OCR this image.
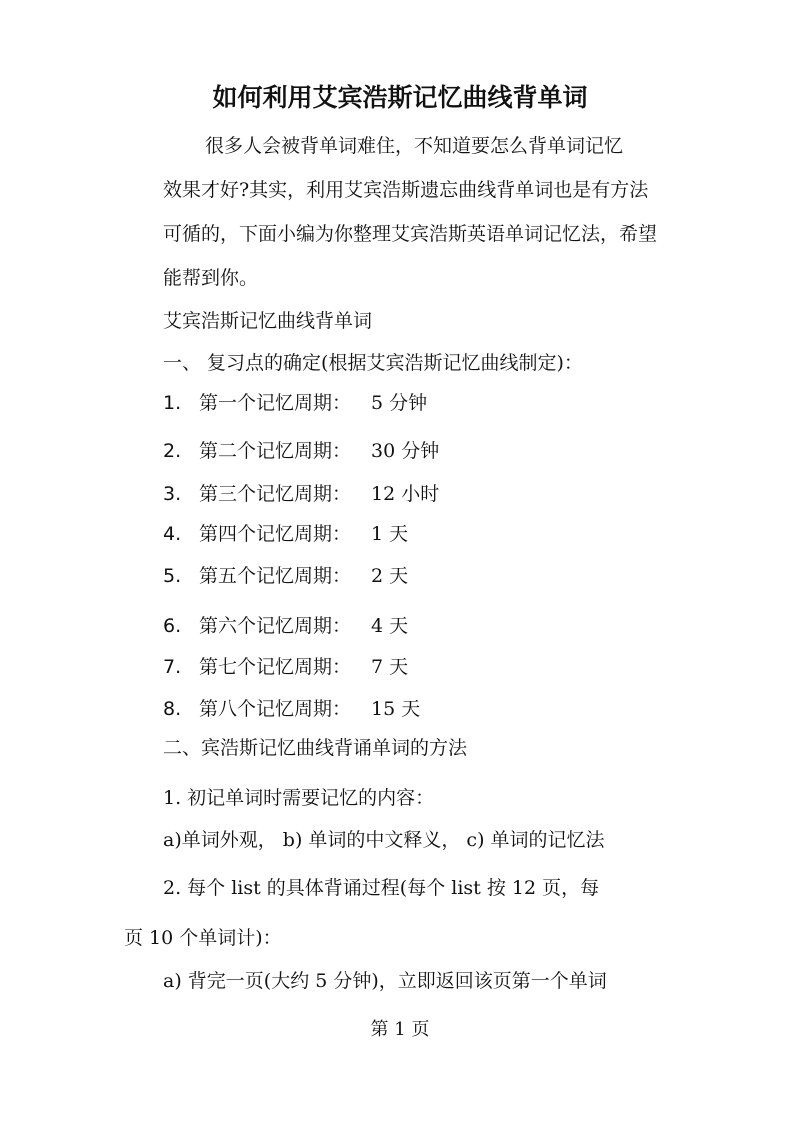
如何利用艾宾浩斯记忆曲线背单词
很多人会被背单词难住，不知道要怎么背单词记忆
效果才好?其实，利用艾宾浩斯遗忘曲线背单词也是有方法
可循的，下面小编为你整理艾宾浩斯英语单词记忆法，希望
能帮到你。
艾宾浩斯记忆曲线背单词
一、 复习点的确定(根据艾宾浩斯记忆曲线制定)：
1. 第一个记忆周期： 5 分钟
2. 第二个记忆周期： 30 分钟
3. 第三个记忆周期： 12 小时
4. 第四个记忆周期： 1 天
5. 第五个记忆周期： 2 天
6. 第六个记忆周期： 4 天
7. 第七个记忆周期： 7 天
8. 第八个记忆周期： 15 天
二、宾浩斯记忆曲线背诵单词的方法
1. 初记单词时需要记忆的内容：
a)单词外观， b) 单词的中文释义， c) 单词的记忆法
2. 每个 list 的具体背诵过程(每个 list 按 12 页，每
页 10 个单词计)：
a) 背完一页(大约 5 分钟)，立即返回该页第一个单词
第 1 页
